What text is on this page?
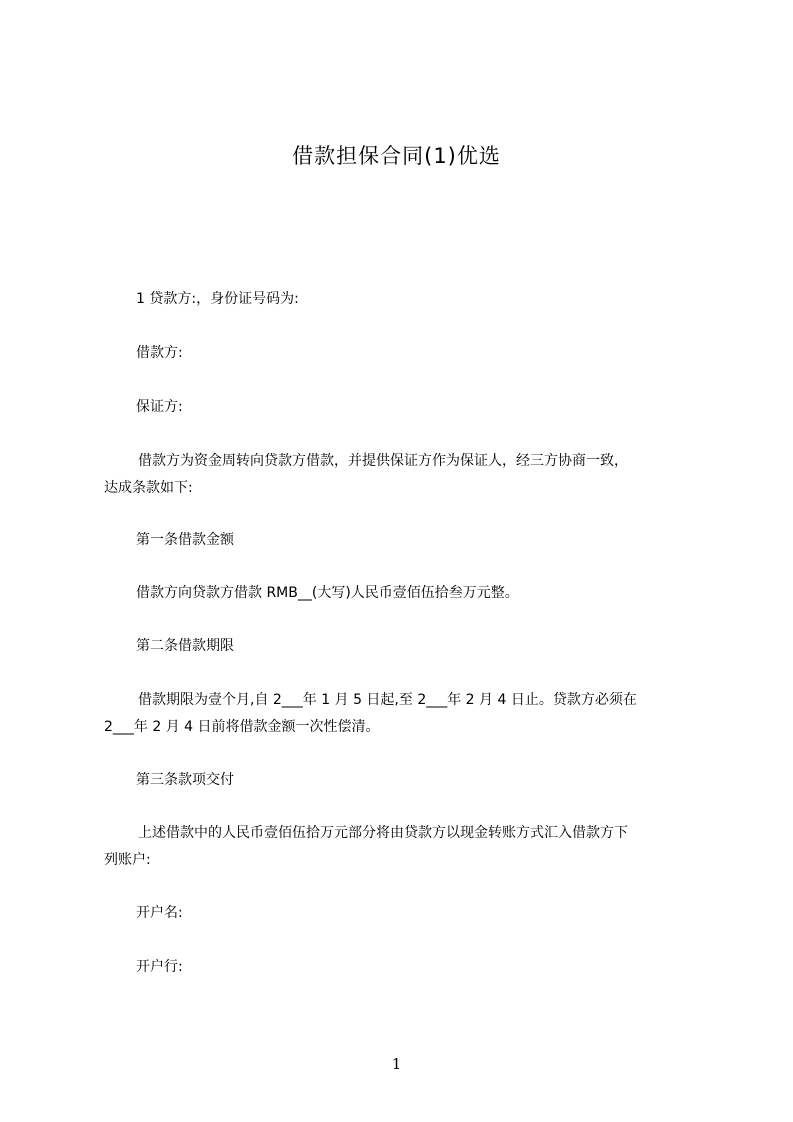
借款担保合同(1)优选
1 贷款方:，身份证号码为:
借款方:
保证方:
借款方为资金周转向贷款方借款，并提供保证方作为保证人，经三方协商一致，
达成条款如下:
第一条借款金额
借款方向贷款方借款 RMB__(大写)人民币壹佰伍拾叁万元整。
第二条借款期限
借款期限为壹个月,自 2___年 1 月 5 日起,至 2___年 2 月 4 日止。贷款方必须在
2___年 2 月 4 日前将借款金额一次性偿清。
第三条款项交付
上述借款中的人民币壹佰伍拾万元部分将由贷款方以现金转账方式汇入借款方下
列账户:
开户名:
开户行:
1
